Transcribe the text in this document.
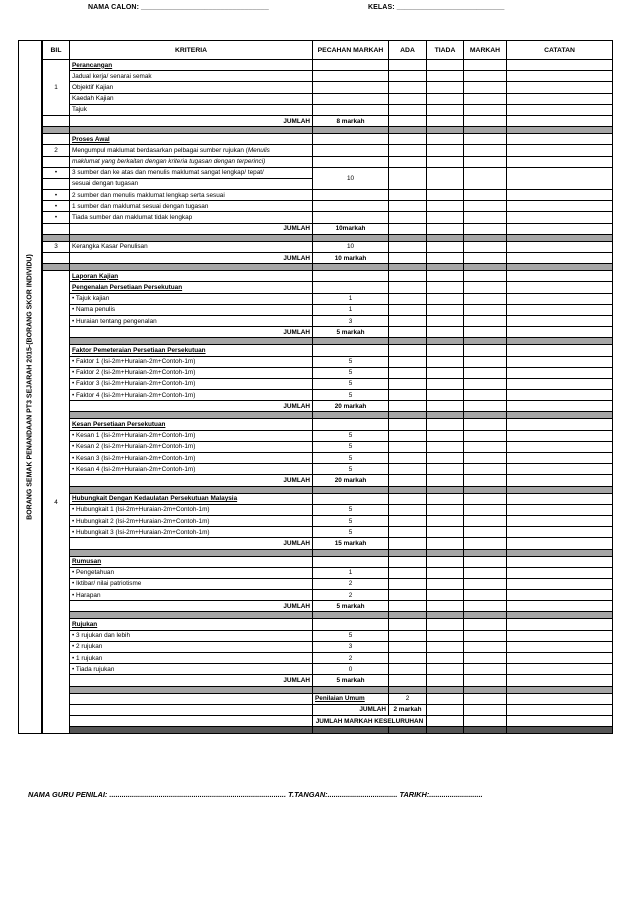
NAMA CALON: ________________________________	KELAS: ___________________________
BORANG SEMAK PENANDAAN PT3 SEJARAH 2015-(BORANG SKOR INDIVIDU)
BIL	KRITERIA	PECAHAN MARKAH	ADA	TIADA	MARKAH	CATATAN	
1	Perancangan						
	Jadual kerja/ senarai semak						
	Objektif Kajian						
	Kaedah Kajian						
	Tajuk						
	JUMLAH	8 markah					

	Proses Awal						
2	Mengumpul maklumat berdasarkan pelbagai sumber rujukan (Menulis						
	maklumat yang berkaitan dengan kriteria tugasan dengan terperinci)						
•	3 sumber dan ke atas dan menulis maklumat sangat lengkap/ tepat/	10					
	sesuai dengan tugasan						
•	2 sumber dan menulis maklumat lengkap serta sesuai						
•	1 sumber dan maklumat sesuai dengan tugasan						
•	Tiada sumber dan maklumat tidak lengkap						
	JUMLAH	10markah					

3	Kerangka Kasar Penulisan	10					
	JUMLAH	10 markah					

4	Laporan Kajian						
	Pengenalan Persetiaan Persekutuan						
	• Tajuk kajian	1					
	• Nama penulis	1					
	• Huraian tentang pengenalan	3					
	JUMLAH	5 markah					

	Faktor Pemeteraian Persetiaan Persekutuan						
	• Faktor 1 (Isi-2m+Huraian-2m+Contoh-1m)	5					
	• Faktor 2 (Isi-2m+Huraian-2m+Contoh-1m)	5					
	• Faktor 3 (Isi-2m+Huraian-2m+Contoh-1m)	5					
	• Faktor 4 (Isi-2m+Huraian-2m+Contoh-1m)	5					
	JUMLAH	20 markah					

	Kesan Persetiaan Persekutuan						
	• Kesan 1 (Isi-2m+Huraian-2m+Contoh-1m)	5					
	• Kesan 2 (Isi-2m+Huraian-2m+Contoh-1m)	5					
	• Kesan 3 (Isi-2m+Huraian-2m+Contoh-1m)	5					
	• Kesan 4 (Isi-2m+Huraian-2m+Contoh-1m)	5					
	JUMLAH	20 markah					

	Hubungkait Dengan Kedaulatan Persekutuan Malaysia						
	• Hubungkait 1 (Isi-2m+Huraian-2m+Contoh-1m)	5					
	• Hubungkait 2 (Isi-2m+Huraian-2m+Contoh-1m)	5					
	• Hubungkait 3 (Isi-2m+Huraian-2m+Contoh-1m)	5					
	JUMLAH	15 markah					

	Rumusan						
	• Pengetahuan	1					
	• Iktibar/ nilai patriotisme	2					
	• Harapan	2					
	JUMLAH	5 markah					

	Rujukan						
	• 3 rujukan dan lebih	5					
	• 2 rujukan	3					
	• 1 rujukan	2					
	• Tiada rujukan	0					
	JUMLAH	5 markah					

		Penilaian Umum	2				
		JUMLAH	2 markah				
		JUMLAH MARKAH KESELURUHAN					

NAMA GURU PENILAI: ...................................................................................... T.TANGAN:.................................. TARIKH:..........................
